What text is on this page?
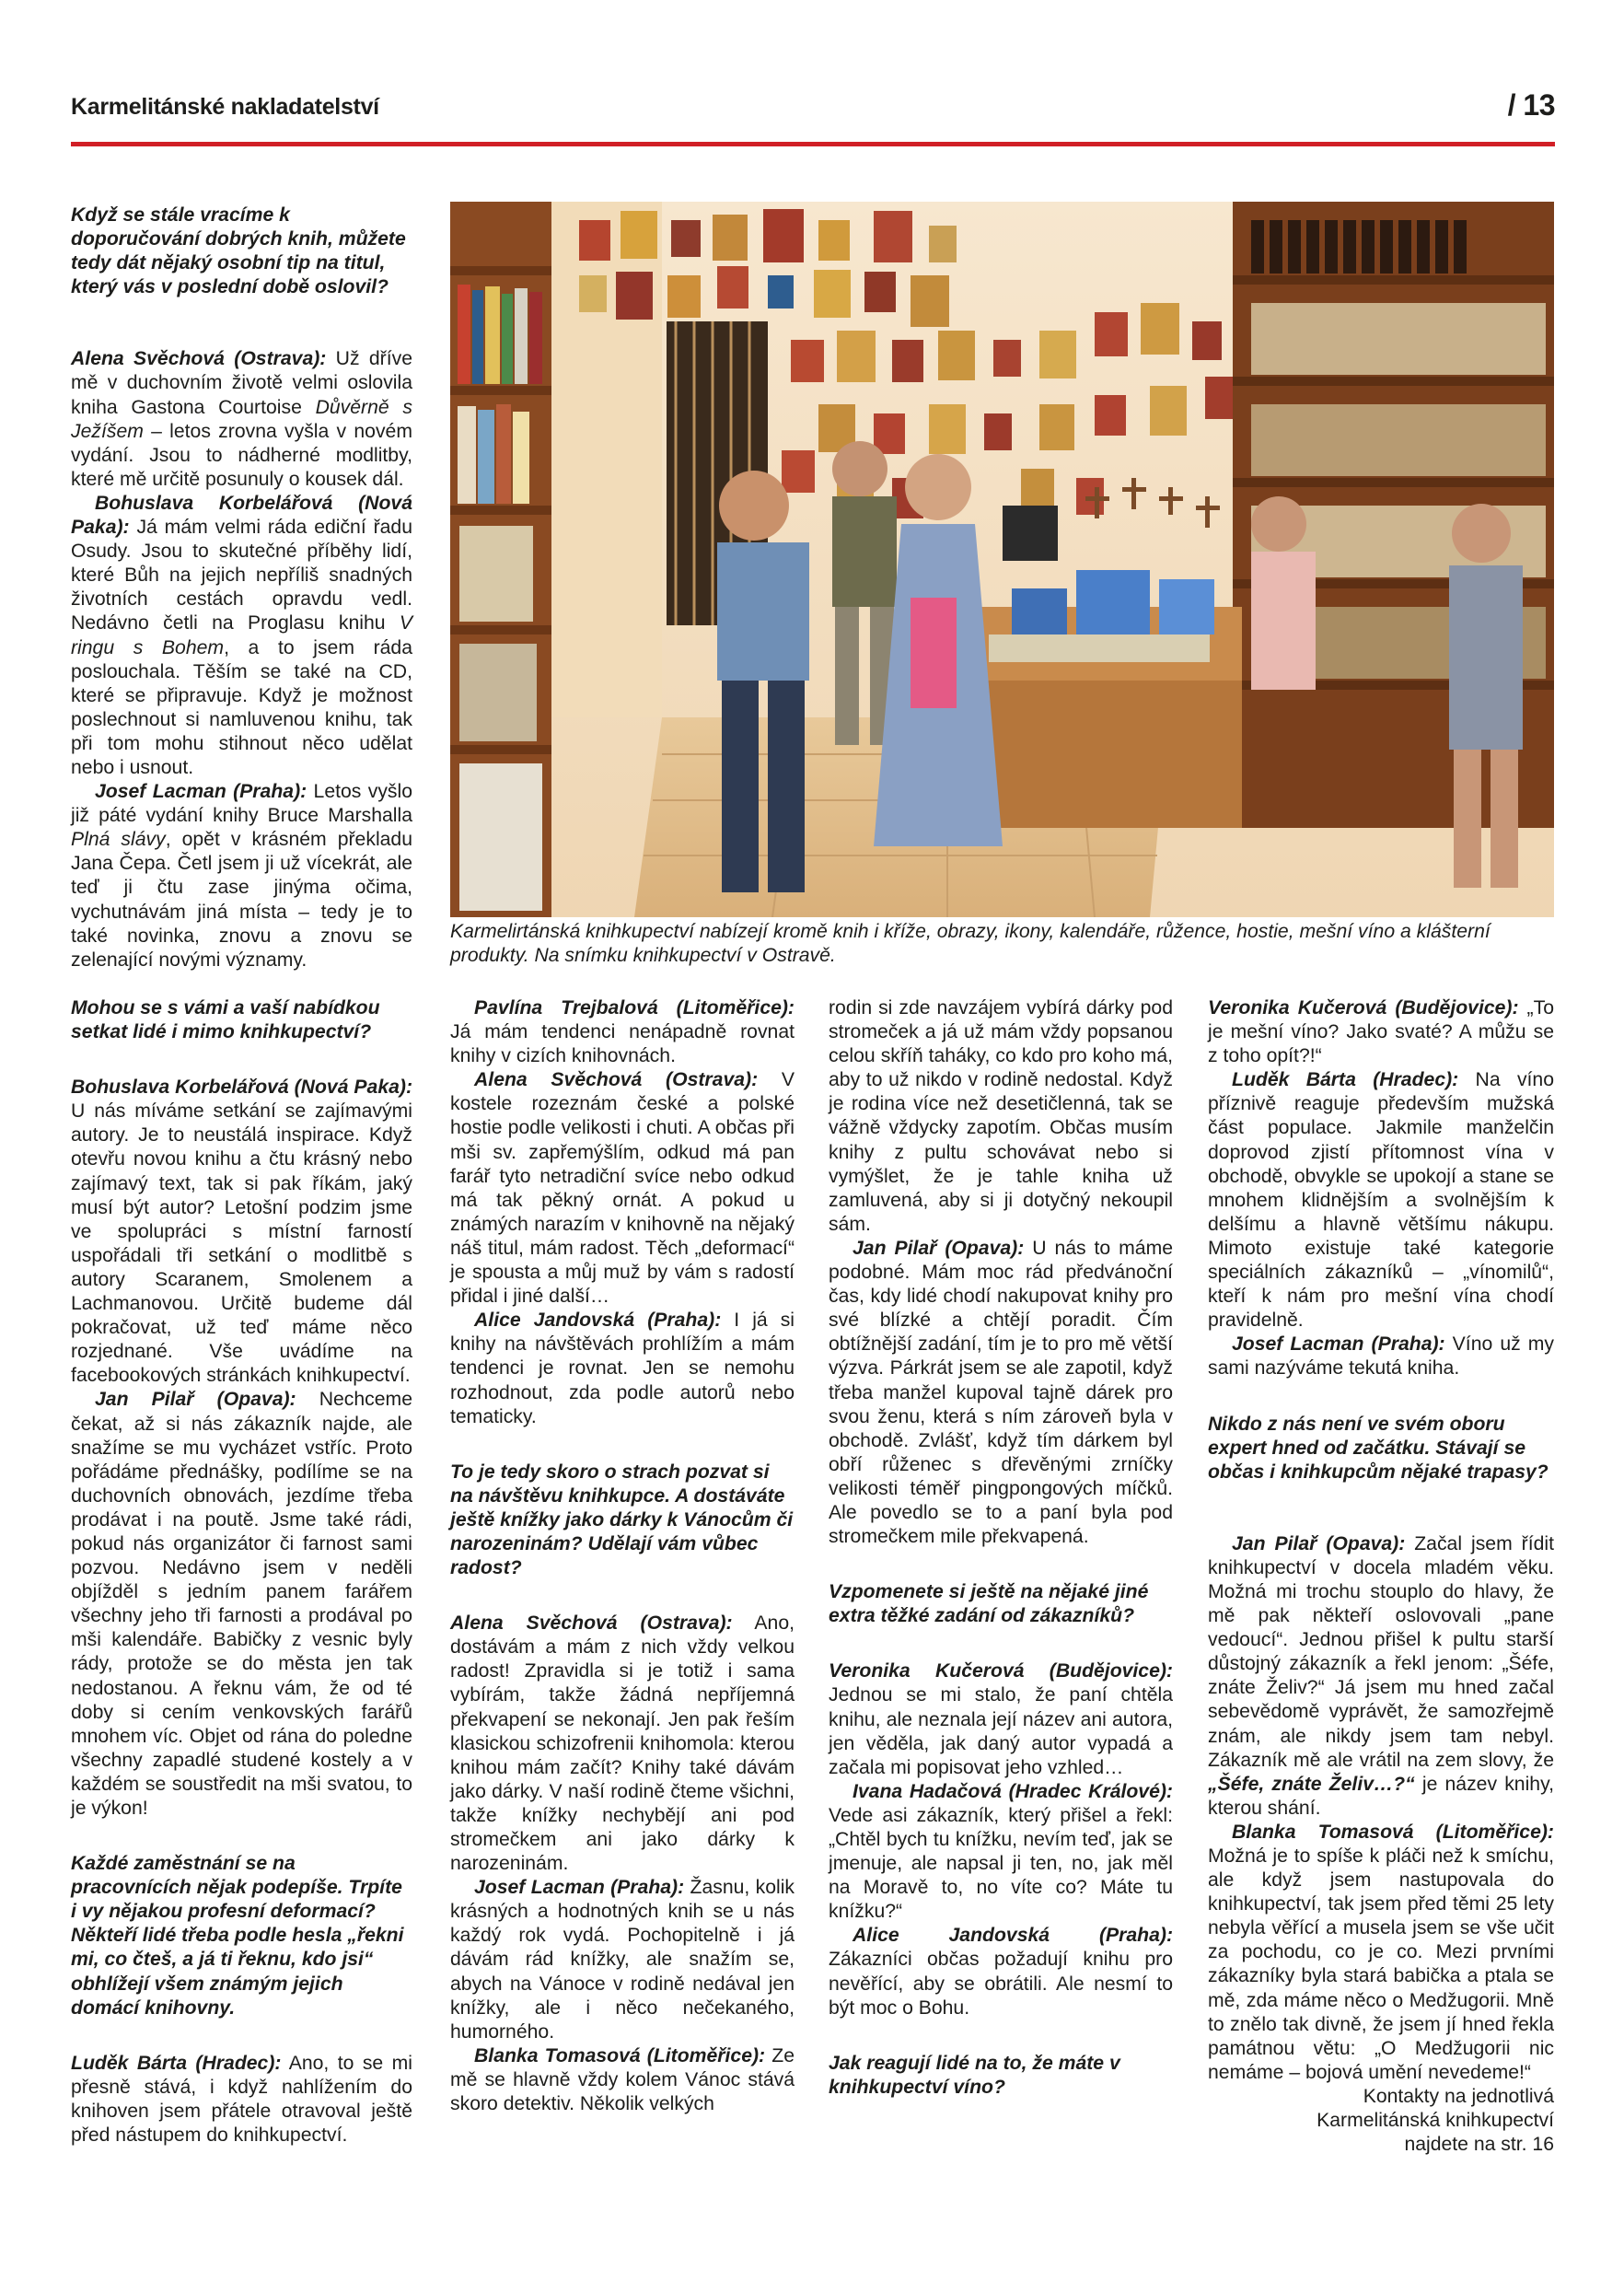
Karmelitánské nakladatelství	/ 13

Když se stále vracíme k doporučování dobrých knih, můžete tedy dát nějaký osobní tip na titul, který vás v poslední době oslovil?

Alena Svěchová (Ostrava): Už dříve mě v duchovním životě velmi oslovila kniha Gastona Courtoise Důvěrně s Ježíšem – letos zrovna vyšla v novém vydání. Jsou to nádherné modlitby, které mě určitě posunuly o kousek dál.

Bohuslava Korbelářová (Nová Paka): Já mám velmi ráda ediční řadu Osudy. Jsou to skutečné příběhy lidí, které Bůh na jejich nepříliš snadných životních cestách opravdu vedl. Nedávno četli na Proglasu knihu V ringu s Bohem, a to jsem ráda poslouchala. Těším se také na CD, které se připravuje. Když je možnost poslechnout si namluvenou knihu, tak při tom mohu stihnout něco udělat nebo i usnout.

Josef Lacman (Praha): Letos vyšlo již páté vydání knihy Bruce Marshalla Plná slávy, opět v krásném překladu Jana Čepa. Četl jsem ji už vícekrát, ale teď ji čtu zase jinýma očima, vychutnávám jiná místa – tedy je to také novinka, znovu a znovu se zelenající novými významy.

Karmelirtánská knihkupectví nabízejí kromě knih i kříže, obrazy, ikony, kalendáře, růžence, hostie, mešní víno a klášterní produkty. Na snímku knihkupectví v Ostravě.

Mohou se s vámi a vaší nabídkou setkat lidé i mimo knihkupectví?

Bohuslava Korbelářová (Nová Paka): U nás míváme setkání se zajímavými autory. Je to neustálá inspirace. Když otevřu novou knihu a čtu krásný nebo zajímavý text, tak si pak říkám, jaký musí být autor? Letošní podzim jsme ve spolupráci s místní farností uspořádali tři setkání o modlitbě s autory Scaranem, Smolenem a Lachmanovou. Určitě budeme dál pokračovat, už teď máme něco rozjednané. Vše uvádíme na facebookových stránkách knihkupectví.

Jan Pilař (Opava): Nechceme čekat, až si nás zákazník najde, ale snažíme se mu vycházet vstříc. Proto pořádáme přednášky, podílíme se na duchovních obnovách, jezdíme třeba prodávat i na poutě. Jsme také rádi, pokud nás organizátor či farnost sami pozvou. Nedávno jsem v neděli objížděl s jedním panem farářem všechny jeho tři farnosti a prodával po mši kalendáře. Babičky z vesnic byly rády, protože se do města jen tak nedostanou. A řeknu vám, že od té doby si cením venkovských farářů mnohem víc. Objet od rána do poledne všechny zapadlé studené kostely a v každém se soustředit na mši svatou, to je výkon!

Každé zaměstnání se na pracovnících nějak podepíše. Trpíte i vy nějakou profesní deformací? Někteří lidé třeba podle hesla „řekni mi, co čteš, a já ti řeknu, kdo jsi“ obhlížejí všem známým jejich domácí knihovny.

Luděk Bárta (Hradec): Ano, to se mi přesně stává, i když nahlížením do knihoven jsem přátele otravoval ještě před nástupem do knihkupectví.

Pavlína Trejbalová (Litoměřice): Já mám tendenci nenápadně rovnat knihy v cizích knihovnách.

Alena Svěchová (Ostrava): V kostele rozeznám české a polské hostie podle velikosti i chuti. A občas při mši sv. zapřemýšlím, odkud má pan farář tyto netradiční svíce nebo odkud má tak pěkný ornát. A pokud u známých narazím v knihovně na nějaký náš titul, mám radost. Těch „deformací“ je spousta a můj muž by vám s radostí přidal i jiné další…

Alice Jandovská (Praha): I já si knihy na návštěvách prohlížím a mám tendenci je rovnat. Jen se nemohu rozhodnout, zda podle autorů nebo tematicky.

To je tedy skoro o strach pozvat si na návštěvu knihkupce. A dostáváte ještě knížky jako dárky k Vánocům či narozeninám? Udělají vám vůbec radost?

Alena Svěchová (Ostrava): Ano, dostávám a mám z nich vždy velkou radost! Zpravidla si je totiž i sama vybírám, takže žádná nepříjemná překvapení se nekonají. Jen pak řeším klasickou schizofrenii knihomola: kterou knihou mám začít? Knihy také dávám jako dárky. V naší rodině čteme všichni, takže knížky nechybějí ani pod stromečkem ani jako dárky k narozeninám.

Josef Lacman (Praha): Žasnu, kolik krásných a hodnotných knih se u nás každý rok vydá. Pochopitelně i já dávám rád knížky, ale snažím se, abych na Vánoce v rodině nedával jen knížky, ale i něco nečekaného, humorného.

Blanka Tomasová (Litoměřice): Ze mě se hlavně vždy kolem Vánoc stává skoro detektiv. Několik velkých

rodin si zde navzájem vybírá dárky pod stromeček a já už mám vždy popsanou celou skříň taháky, co kdo pro koho má, aby to už nikdo v rodině nedostal. Když je rodina více než desetičlenná, tak se vážně vždycky zapotím. Občas musím knihy z pultu schovávat nebo si vymýšlet, že je tahle kniha už zamluvená, aby si ji dotyčný nekoupil sám.

Jan Pilař (Opava): U nás to máme podobné. Mám moc rád předvánoční čas, kdy lidé chodí nakupovat knihy pro své blízké a chtějí poradit. Čím obtížnější zadání, tím je to pro mě větší výzva. Párkrát jsem se ale zapotil, když třeba manžel kupoval tajně dárek pro svou ženu, která s ním zároveň byla v obchodě. Zvlášť, když tím dárkem byl obří růženec s dřevěnými zrníčky velikosti téměř pingpongových míčků. Ale povedlo se to a paní byla pod stromečkem mile překvapená.

Vzpomenete si ještě na nějaké jiné extra těžké zadání od zákazníků?

Veronika Kučerová (Budějovice): Jednou se mi stalo, že paní chtěla knihu, ale neznala její název ani autora, jen věděla, jak daný autor vypadá a začala mi popisovat jeho vzhled…

Ivana Hadačová (Hradec Králové): Vede asi zákazník, který přišel a řekl: „Chtěl bych tu knížku, nevím teď, jak se jmenuje, ale napsal ji ten, no, jak měl na Moravě to, no víte co? Máte tu knížku?“

Alice Jandovská (Praha): Zákazníci občas požadují knihu pro nevěřící, aby se obrátili. Ale nesmí to být moc o Bohu.

Jak reagují lidé na to, že máte v knihkupectví víno?

Veronika Kučerová (Budějovice): „To je mešní víno? Jako svaté? A můžu se z toho opít?!“

Luděk Bárta (Hradec): Na víno příznivě reaguje především mužská část populace. Jakmile manželčin doprovod zjistí přítomnost vína v obchodě, obvykle se upokojí a stane se mnohem klidnějším a svolnějším k delšímu a hlavně většímu nákupu. Mimoto existuje také kategorie speciálních zákazníků – „vínomilů“, kteří k nám pro mešní vína chodí pravidelně.

Josef Lacman (Praha): Víno už my sami nazýváme tekutá kniha.

Nikdo z nás není ve svém oboru expert hned od začátku. Stávají se občas i knihkupcům nějaké trapasy?

Jan Pilař (Opava): Začal jsem řídit knihkupectví v docela mladém věku. Možná mi trochu stouplo do hlavy, že mě pak někteří oslovovali „pane vedoucí“. Jednou přišel k pultu starší důstojný zákazník a řekl jenom: „Šéfe, znáte Želiv?“ Já jsem mu hned začal sebevědomě vyprávět, že samozřejmě znám, ale nikdy jsem tam nebyl. Zákazník mě ale vrátil na zem slovy, že „Šéfe, znáte Želiv…?“ je název knihy, kterou shání.

Blanka Tomasová (Litoměřice): Možná je to spíše k pláči než k smíchu, ale když jsem nastupovala do knihkupectví, tak jsem před těmi 25 lety nebyla věřící a musela jsem se vše učit za pochodu, co je co. Mezi prvními zákazníky byla stará babička a ptala se mě, zda máme něco o Medžugorii. Mně to znělo tak divně, že jsem jí hned řekla památnou větu: „O Medžugorii nic nemáme – bojová umění nevedeme!“

Kontakty na jednotlivá

Karmelitánská knihkupectví

najdete na str. 16
